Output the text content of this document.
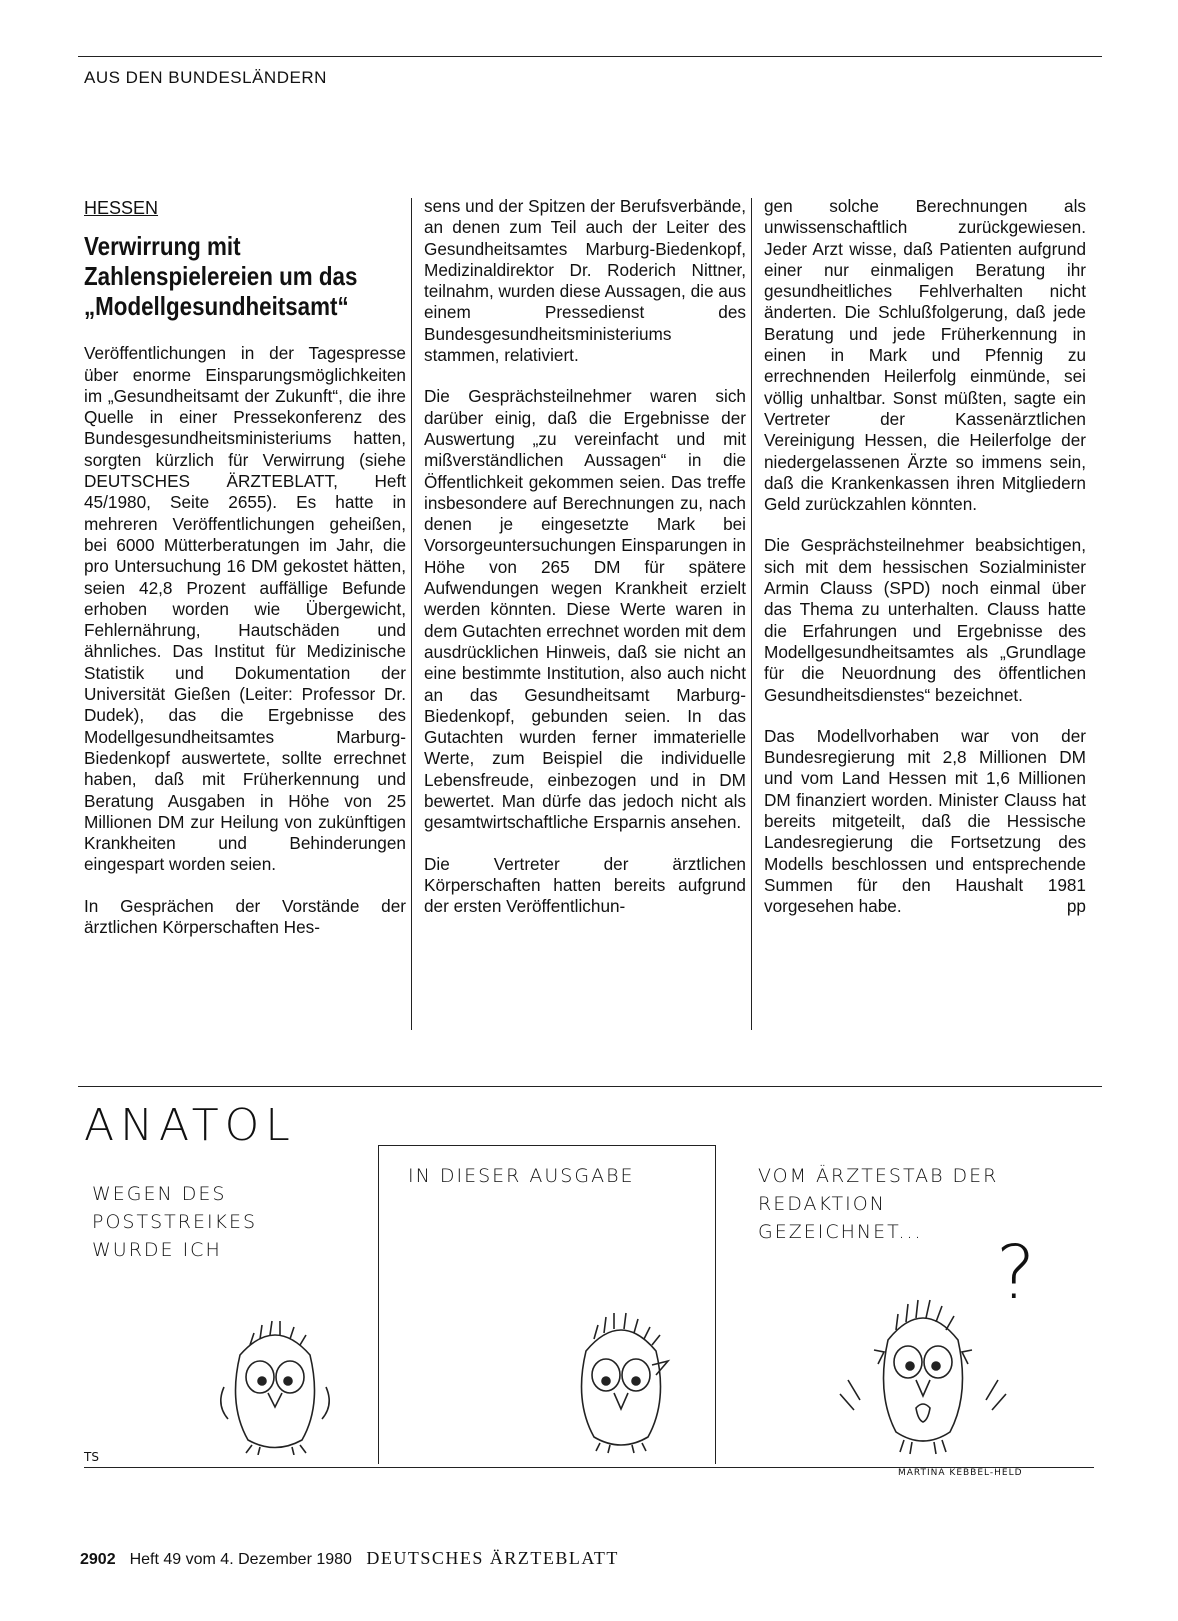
AUS DEN BUNDESLÄNDERN
HESSEN
Verwirrung mit Zahlenspielereien um das „Modellgesundheitsamt“

Veröffentlichungen in der Tagespresse über enorme Einsparungsmöglichkeiten im „Gesundheitsamt der Zukunft“, die ihre Quelle in einer Pressekonferenz des Bundesgesundheitsministeriums hatten, sorgten kürzlich für Verwirrung (siehe DEUTSCHES ÄRZTEBLATT, Heft 45/1980, Seite 2655). Es hatte in mehreren Veröffentlichungen geheißen, bei 6000 Mütterberatungen im Jahr, die pro Untersuchung 16 DM gekostet hätten, seien 42,8 Prozent auffällige Befunde erhoben worden wie Übergewicht, Fehlernährung, Hautschäden und ähnliches. Das Institut für Medizinische Statistik und Dokumentation der Universität Gießen (Leiter: Professor Dr. Dudek), das die Ergebnisse des Modellgesundheitsamtes Marburg-Biedenkopf auswertete, sollte errechnet haben, daß mit Früherkennung und Beratung Ausgaben in Höhe von 25 Millionen DM zur Heilung von zukünftigen Krankheiten und Behinderungen eingespart worden seien.

In Gesprächen der Vorstände der ärztlichen Körperschaften Hes-

sens und der Spitzen der Berufsverbände, an denen zum Teil auch der Leiter des Gesundheitsamtes Marburg-Biedenkopf, Medizinaldirektor Dr. Roderich Nittner, teilnahm, wurden diese Aussagen, die aus einem Pressedienst des Bundesgesundheitsministeriums stammen, relativiert.

Die Gesprächsteilnehmer waren sich darüber einig, daß die Ergebnisse der Auswertung „zu vereinfacht und mit mißverständlichen Aussagen“ in die Öffentlichkeit gekommen seien. Das treffe insbesondere auf Berechnungen zu, nach denen je eingesetzte Mark bei Vorsorgeuntersuchungen Einsparungen in Höhe von 265 DM für spätere Aufwendungen wegen Krankheit erzielt werden könnten. Diese Werte waren in dem Gutachten errechnet worden mit dem ausdrücklichen Hinweis, daß sie nicht an eine bestimmte Institution, also auch nicht an das Gesundheitsamt Marburg-Biedenkopf, gebunden seien. In das Gutachten wurden ferner immaterielle Werte, zum Beispiel die individuelle Lebensfreude, einbezogen und in DM bewertet. Man dürfe das jedoch nicht als gesamtwirtschaftliche Ersparnis ansehen.

Die Vertreter der ärztlichen Körperschaften hatten bereits aufgrund der ersten Veröffentlichun-

gen solche Berechnungen als unwissenschaftlich zurückgewiesen. Jeder Arzt wisse, daß Patienten aufgrund einer nur einmaligen Beratung ihr gesundheitliches Fehlverhalten nicht änderten. Die Schlußfolgerung, daß jede Beratung und jede Früherkennung in einen in Mark und Pfennig zu errechnenden Heilerfolg einmünde, sei völlig unhaltbar. Sonst müßten, sagte ein Vertreter der Kassenärztlichen Vereinigung Hessen, die Heilerfolge der niedergelassenen Ärzte so immens sein, daß die Krankenkassen ihren Mitgliedern Geld zurückzahlen könnten.

Die Gesprächsteilnehmer beabsichtigen, sich mit dem hessischen Sozialminister Armin Clauss (SPD) noch einmal über das Thema zu unterhalten. Clauss hatte die Erfahrungen und Ergebnisse des Modellgesundheitsamtes als „Grundlage für die Neuordnung des öffentlichen Gesundheitsdienstes“ bezeichnet.

Das Modellvorhaben war von der Bundesregierung mit 2,8 Millionen DM und vom Land Hessen mit 1,6 Millionen DM finanziert worden. Minister Clauss hat bereits mitgeteilt, daß die Hessische Landesregierung die Fortsetzung des Modells beschlossen und entsprechende Summen für den Haushalt 1981 vorgesehen habe.	pp

ANATOL
WEGEN DES POSTSTREIKES WURDE ICH
IN DIESER AUSGABE	VOM ÄRZTESTAB DER REDAKTION GEZEICHNET... ?
TS
MARTINA KEBBEL-HELD
2902 Heft 49 vom 4. Dezember 1980 DEUTSCHES ÄRZTEBLATT
